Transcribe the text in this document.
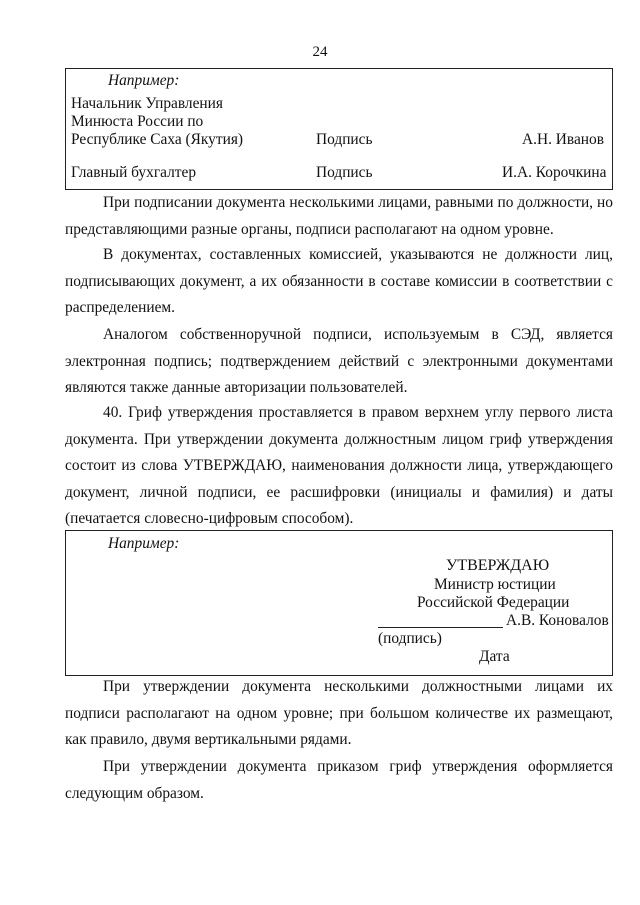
24
Например:
Начальник Управления
Минюста России по
Республике Саха (Якутия)	Подпись	А.Н. Иванов
Главный бухгалтер	Подпись	И.А. Корочкина
При подписании документа несколькими лицами, равными по должности, но представляющими разные органы, подписи располагают на одном уровне.
В документах, составленных комиссией, указываются не должности лиц, подписывающих документ, а их обязанности в составе комиссии в соответствии с распределением.
Аналогом собственноручной подписи, используемым в СЭД, является электронная подпись; подтверждением действий с электронными документами являются также данные авторизации пользователей.
40. Гриф утверждения проставляется в правом верхнем углу первого листа документа. При утверждении документа должностным лицом гриф утверждения состоит из слова УТВЕРЖДАЮ, наименования должности лица, утверждающего документ, личной подписи, ее расшифровки (инициалы и фамилия) и даты (печатается словесно-цифровым способом).
Например:
УТВЕРЖДАЮ
Министр юстиции
Российской Федерации
А.В. Коновалов
(подпись)
Дата
При утверждении документа несколькими должностными лицами их подписи располагают на одном уровне; при большом количестве их размещают, как правило, двумя вертикальными рядами.
При утверждении документа приказом гриф утверждения оформляется следующим образом.
